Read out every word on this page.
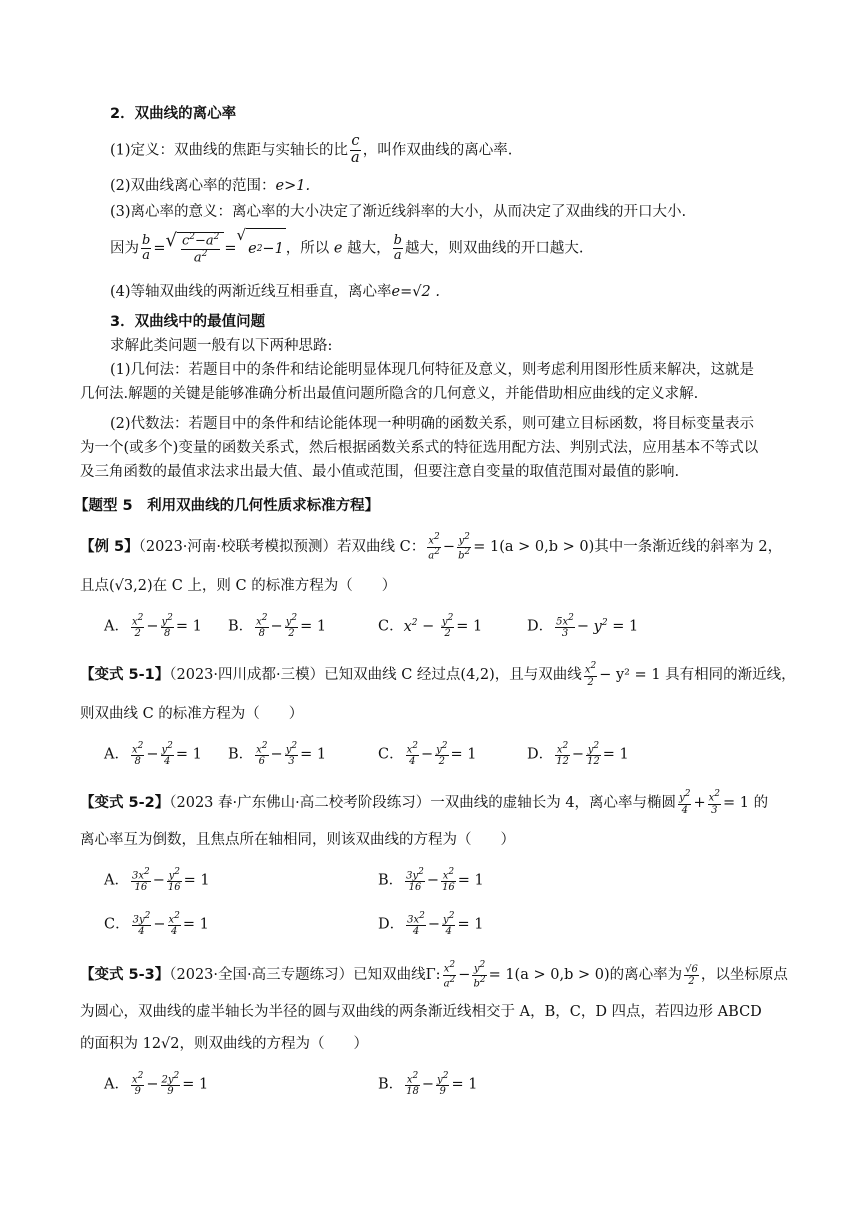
2．双曲线的离心率
(1)定义：双曲线的焦距与实轴长的比 $\frac{c}{a}$ ，叫作双曲线的离心率.
(2)双曲线离心率的范围：e>1.
(3)离心率的意义：离心率的大小决定了渐近线斜率的大小，从而决定了双曲线的开口大小.
因为 $\frac{b}{a}$ = √ $\frac{c^2-a^2}{a^2}$ =
√
e 2 −1 ，所以 e 越大， $\frac{b}{a}$ 越大，则双曲线的开口越大.
(4)等轴双曲线的两渐近线互相垂直，离心率e=√2 .
3．双曲线中的最值问题
求解此类问题一般有以下两种思路:
(1)几何法：若题目中的条件和结论能明显体现几何特征及意义，则考虑利用图形性质来解决，这就是
几何法.解题的关键是能够准确分析出最值问题所隐含的几何意义，并能借助相应曲线的定义求解.
(2)代数法：若题目中的条件和结论能体现一种明确的函数关系，则可建立目标函数，将目标变量表示
为一个(或多个)变量的函数关系式，然后根据函数关系式的特征选用配方法、判别式法，应用基本不等式以
及三角函数的最值求法求出最大值、最小值或范围，但要注意自变量的取值范围对最值的影响.
【题型 5　利用双曲线的几何性质求标准方程】
【例 5】（2023·河南·校联考模拟预测）若双曲线 C： $\frac{x^2}{a^2} - \frac{y^2}{b^2} = 1(a > 0,b > 0)$其中一条渐近线的斜率为 2，
且点(√3,2)在 C 上，则 C 的标准方程为（　　）
A． $\frac{x^2}{2} - \frac{y^2}{8} = 1$ B． $\frac{x^2}{8} - \frac{y^2}{2} = 1$	C．$x^2 - \frac{y^2}{2} = 1$	D． $\frac{5x^2}{3} - y^2 = 1$
【变式 5-1】（2023·四川成都·三模）已知双曲线 C 经过点(4,2)，且与双曲线 $\frac{x^2}{2} - y^2 = 1$ 具有相同的渐近线，
则双曲线 C 的标准方程为（　　）
A． $\frac{x^2}{8} - \frac{y^2}{4} = 1$ B． $\frac{x^2}{6} - \frac{y^2}{3} = 1$	C． $\frac{x^2}{4} - \frac{y^2}{2} = 1$	D． $\frac{x^2}{12} - \frac{y^2}{12} = 1$
【变式 5-2】（2023 春·广东佛山·高二校考阶段练习）一双曲线的虚轴长为 4，离心率与椭圆 $\frac{y^2}{4} + \frac{x^2}{3} = 1$ 的
离心率互为倒数，且焦点所在轴相同，则该双曲线的方程为（　　）
A． $\frac{3x^2}{16} - \frac{y^2}{16} = 1$	B． $\frac{3y^2}{16} - \frac{x^2}{16} = 1$
C． $\frac{3y^2}{4} - \frac{x^2}{4} = 1$	D． $\frac{3x^2}{4} - \frac{y^2}{4} = 1$
【变式 5-3】（2023·全国·高三专题练习）已知双曲线Γ: $\frac{x^2}{a^2} - \frac{y^2}{b^2} = 1(a > 0,b > 0)$的离心率为 $\frac{√6}{2}$ ，以坐标原点
为圆心，双曲线的虚半轴长为半径的圆与双曲线的两条渐近线相交于 A，B，C，D 四点，若四边形 ABCD
的面积为 12√2，则双曲线的方程为（　　）
A． $\frac{x^2}{9} - \frac{2y^2}{9} = 1$	B． $\frac{x^2}{18} - \frac{y^2}{9} = 1$
